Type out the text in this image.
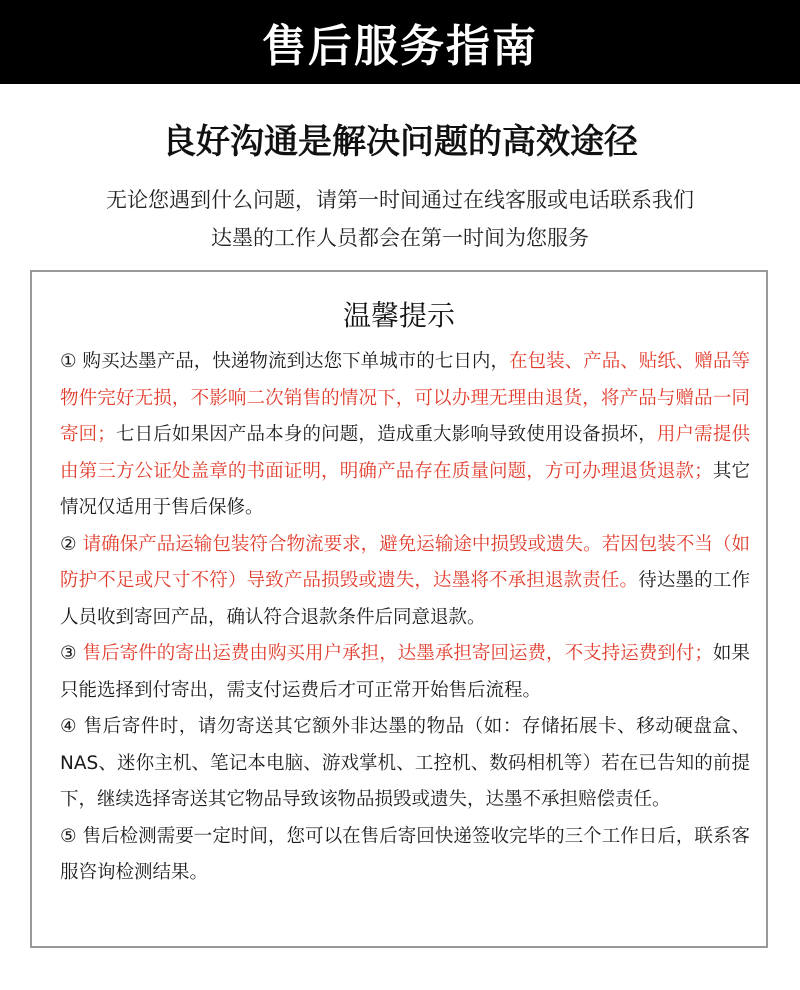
售后服务指南
良好沟通是解决问题的高效途径

无论您遇到什么问题，请第一时间通过在线客服或电话联系我们

达墨的工作人员都会在第一时间为您服务

温馨提示

① 购买达墨产品，快递物流到达您下单城市的七日内，在包装、产品、贴纸、赠品等物件完好无损，不影响二次销售的情况下，可以办理无理由退货，将产品与赠品一同寄回；七日后如果因产品本身的问题，造成重大影响导致使用设备损坏，用户需提供由第三方公证处盖章的书面证明，明确产品存在质量问题，方可办理退货退款；其它情况仅适用于售后保修。

② 请确保产品运输包装符合物流要求，避免运输途中损毁或遗失。若因包装不当（如防护不足或尺寸不符）导致产品损毁或遗失，达墨将不承担退款责任。待达墨的工作人员收到寄回产品，确认符合退款条件后同意退款。

③ 售后寄件的寄出运费由购买用户承担，达墨承担寄回运费，不支持运费到付；如果只能选择到付寄出，需支付运费后才可正常开始售后流程。

④ 售后寄件时，请勿寄送其它额外非达墨的物品（如：存储拓展卡、移动硬盘盒、NAS、迷你主机、笔记本电脑、游戏掌机、工控机、数码相机等）若在已告知的前提下，继续选择寄送其它物品导致该物品损毁或遗失，达墨不承担赔偿责任。

⑤ 售后检测需要一定时间，您可以在售后寄回快递签收完毕的三个工作日后，联系客服咨询检测结果。
